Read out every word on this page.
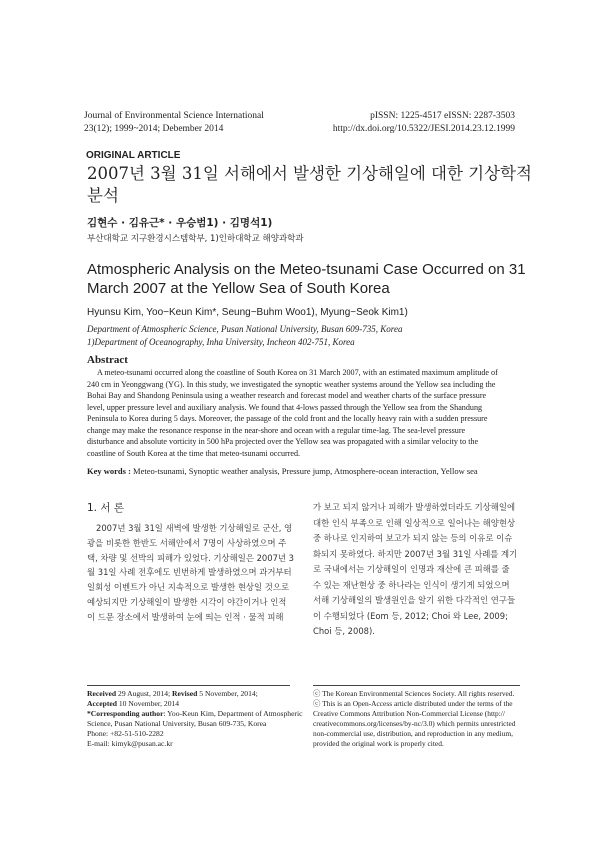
Journal of Environmental Science International
23(12); 1999~2014; Debember 2014
pISSN: 1225-4517 eISSN: 2287-3503
http://dx.doi.org/10.5322/JESI.2014.23.12.1999
ORIGINAL ARTICLE
2007년 3월 31일 서해에서 발생한 기상해일에 대한 기상학적
분석
김현수 · 김유근* · 우승범1) · 김명석1)
부산대학교 지구환경시스템학부, 1)인하대학교 해양과학과
Atmospheric Analysis on the Meteo-tsunami Case Occurred on 31
March 2007 at the Yellow Sea of South Korea
Hyunsu Kim, Yoo−Keun Kim*, Seung−Buhm Woo1), Myung−Seok Kim1)
Department of Atmospheric Science, Pusan National University, Busan 609-735, Korea
1)Department of Oceanography, Inha University, Incheon 402-751, Korea
Abstract
A meteo-tsunami occurred along the coastline of South Korea on 31 March 2007, with an estimated maximum amplitude of
240 cm in Yeonggwang (YG). In this study, we investigated the synoptic weather systems around the Yellow sea including the
Bohai Bay and Shandong Peninsula using a weather research and forecast model and weather charts of the surface pressure
level, upper pressure level and auxiliary analysis. We found that 4-lows passed through the Yellow sea from the Shandung
Peninsula to Korea during 5 days. Moreover, the passage of the cold front and the locally heavy rain with a sudden pressure
change may make the resonance response in the near-shore and ocean with a regular time-lag. The sea-level pressure
disturbance and absolute vorticity in 500 hPa projected over the Yellow sea was propagated with a similar velocity to the
coastline of South Korea at the time that meteo-tsunami occurred.
Key words : Meteo-tsunami, Synoptic weather analysis, Pressure jump, Atmosphere-ocean interaction, Yellow sea
1. 서 론
2007년 3월 31일 새벽에 발생한 기상해일로 군산, 영
광을 비롯한 한반도 서해안에서 7명이 사상하였으며 주
택, 차량 및 선박의 피해가 있었다. 기상해일은 2007년 3
월 31일 사례 전후에도 빈번하게 발생하였으며 과거부터
일회성 이벤트가 아닌 지속적으로 발생한 현상일 것으로
예상되지만 기상해일이 발생한 시각이 야간이거나 인적
이 드문 장소에서 발생하여 눈에 띄는 인적 · 물적 피해
가 보고 되지 않거나 피해가 발생하였더라도 기상해일에
대한 인식 부족으로 인해 일상적으로 일어나는 해양현상
중 하나로 인지하여 보고가 되지 않는 등의 이유로 이슈
화되지 못하였다. 하지만 2007년 3월 31일 사례를 계기
로 국내에서는 기상해일이 인명과 재산에 큰 피해를 줄
수 있는 재난현상 중 하나라는 인식이 생기게 되었으며
서해 기상해일의 발생원인을 알기 위한 다각적인 연구들
이 수행되었다 (Eom 등, 2012; Choi 와 Lee, 2009;
Choi 등, 2008).
Received 29 August, 2014; Revised 5 November, 2014;
Accepted 10 November, 2014
*Corresponding author: Yoo-Keun Kim, Department of Atmospheric
Science, Pusan National University, Busan 609-735, Korea
Phone: +82-51-510-2282
E-mail: kimyk@pusan.ac.kr
ⓒ The Korean Environmental Sciences Society. All rights reserved.
ⓒ This is an Open-Access article distributed under the terms of the
Creative Commons Attribution Non-Commercial License (http://
creativecommons.org/licenses/by-nc/3.0) which permits unrestricted
non-commercial use, distribution, and reproduction in any medium,
provided the original work is properly cited.
